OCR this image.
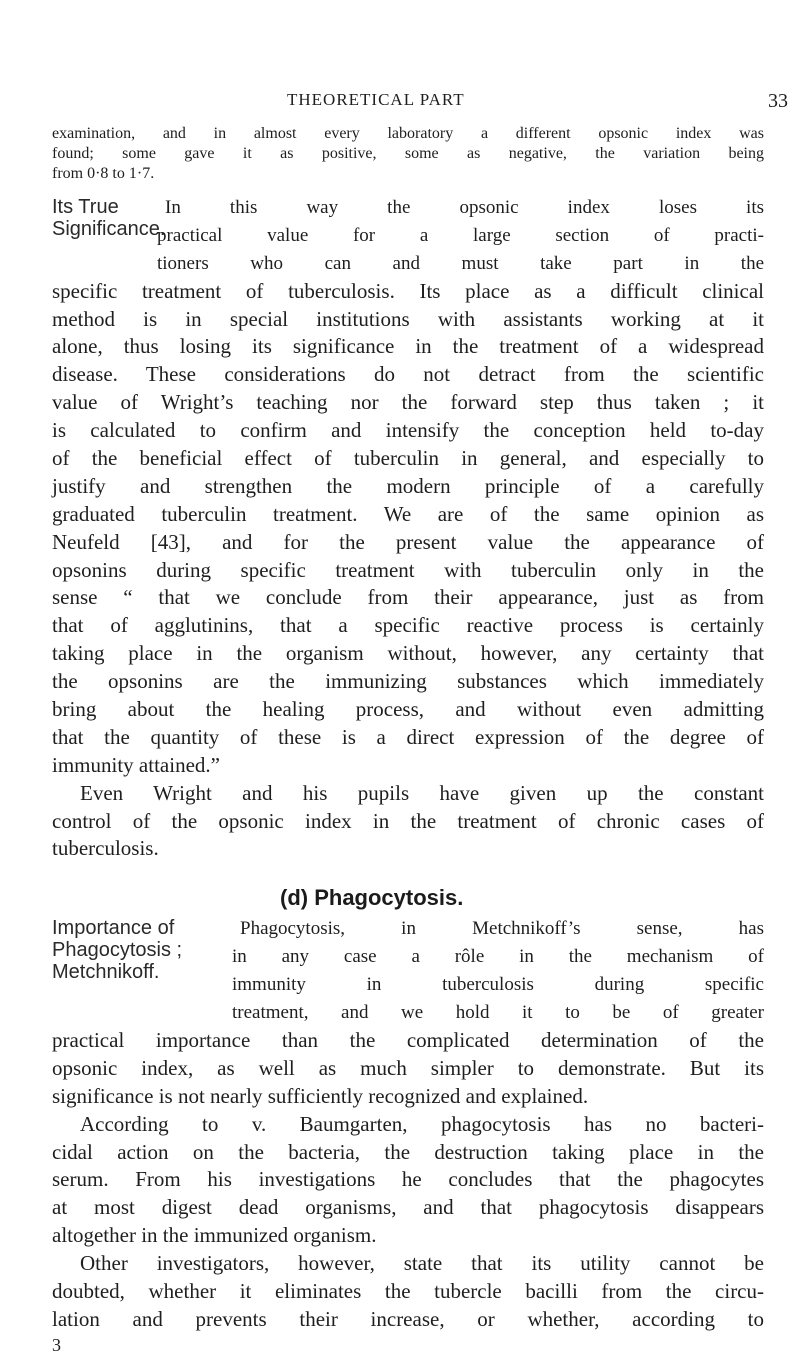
THEORETICAL PART	33
examination, and in almost every laboratory a different opsonic index was
found; some gave it as positive, some as negative, the variation being
from 0·8 to 1·7.
Its True
Significance.
In this way the opsonic index loses its
practical value for a large section of practi-
tioners who can and must take part in the
specific treatment of tuberculosis. Its place as a difficult clinical
method is in special institutions with assistants working at it
alone, thus losing its significance in the treatment of a widespread
disease. These considerations do not detract from the scientific
value of Wright’s teaching nor the forward step thus taken ; it
is calculated to confirm and intensify the conception held to-day
of the beneficial effect of tuberculin in general, and especially to
justify and strengthen the modern principle of a carefully
graduated tuberculin treatment. We are of the same opinion as
Neufeld [43], and for the present value the appearance of
opsonins during specific treatment with tuberculin only in the
sense “ that we conclude from their appearance, just as from
that of agglutinins, that a specific reactive process is certainly
taking place in the organism without, however, any certainty that
the opsonins are the immunizing substances which immediately
bring about the healing process, and without even admitting
that the quantity of these is a direct expression of the degree of
immunity attained.”
Even Wright and his pupils have given up the constant
control of the opsonic index in the treatment of chronic cases of
tuberculosis.
(d) Phagocytosis.
Importance of
Phagocytosis ;
Metchnikoff.
Phagocytosis, in Metchnikoff’s sense, has
in any case a rôle in the mechanism of
immunity in tuberculosis during specific
treatment, and we hold it to be of greater
practical importance than the complicated determination of the
opsonic index, as well as much simpler to demonstrate. But its
significance is not nearly sufficiently recognized and explained.
According to v. Baumgarten, phagocytosis has no bacteri-
cidal action on the bacteria, the destruction taking place in the
serum. From his investigations he concludes that the phagocytes
at most digest dead organisms, and that phagocytosis disappears
altogether in the immunized organism.
Other investigators, however, state that its utility cannot be
doubted, whether it eliminates the tubercle bacilli from the circu-
lation and prevents their increase, or whether, according to
3
